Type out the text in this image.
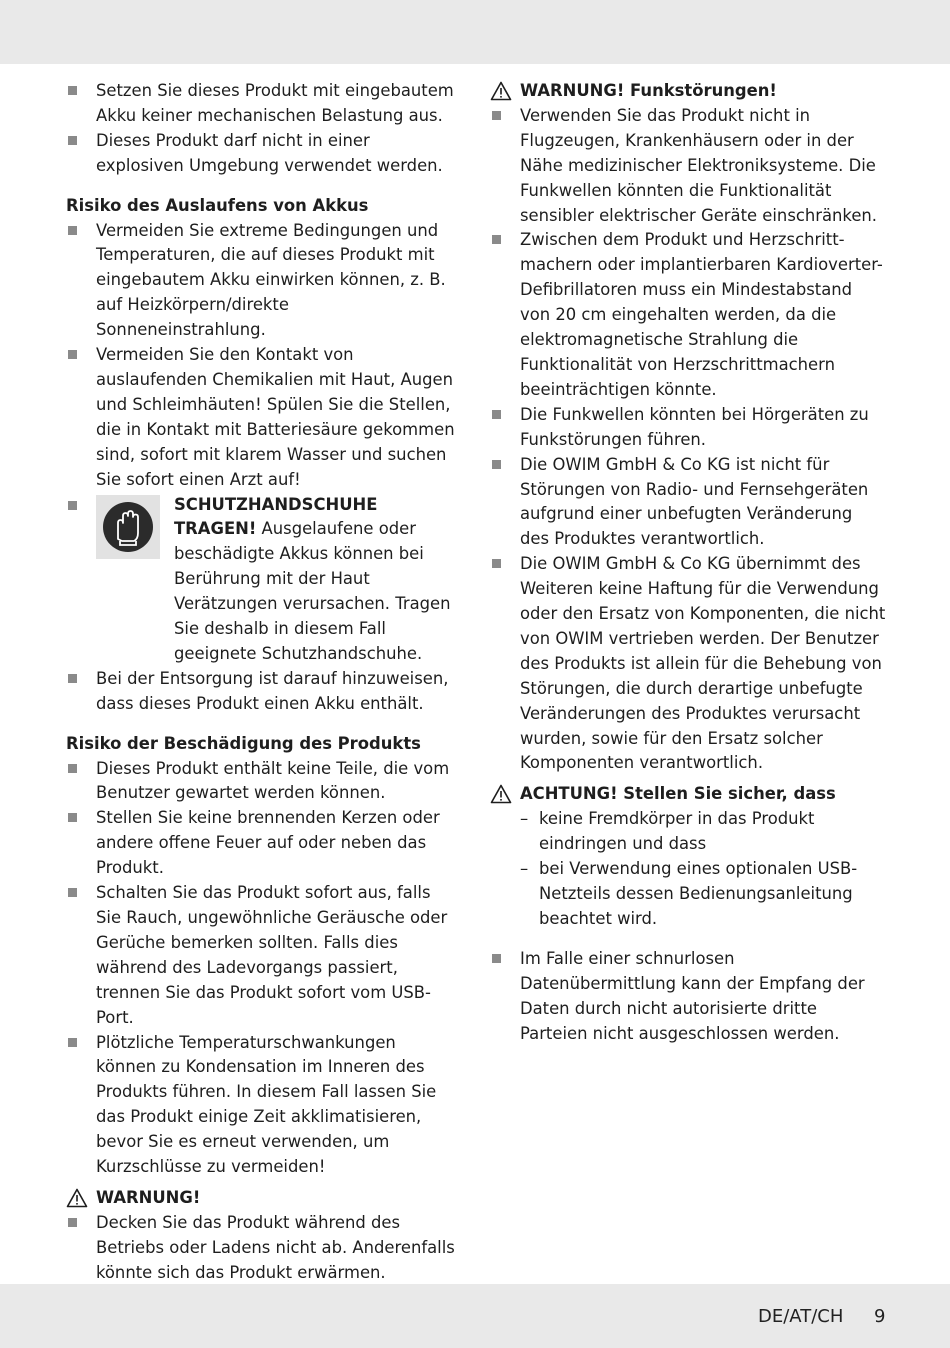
Setzen Sie dieses Produkt mit eingebautem Akku keiner mechanischen Belastung aus.
Dieses Produkt darf nicht in einer explosiven Umgebung verwendet werden.
Risiko des Auslaufens von Akkus
Vermeiden Sie extreme Bedingungen und Temperaturen, die auf dieses Produkt mit eingebautem Akku einwirken können, z. B. auf Heizkörpern/direkte Sonneneinstrahlung.
Vermeiden Sie den Kontakt von auslaufenden Chemikalien mit Haut, Augen und Schleimhäuten! Spülen Sie die Stellen, die in Kontakt mit Batteriesäure gekommen sind, sofort mit klarem Wasser und suchen Sie sofort einen Arzt auf!
SCHUTZHANDSCHUHE TRAGEN! Ausgelaufene oder beschädigte Akkus können bei Berührung mit der Haut Verätzungen verursachen. Tragen Sie deshalb in diesem Fall geeignete Schutzhandschuhe.
Bei der Entsorgung ist darauf hinzuweisen, dass dieses Produkt einen Akku enthält.
Risiko der Beschädigung des Produkts
Dieses Produkt enthält keine Teile, die vom Benutzer gewartet werden können.
Stellen Sie keine brennenden Kerzen oder andere offene Feuer auf oder neben das Produkt.
Schalten Sie das Produkt sofort aus, falls Sie Rauch, ungewöhnliche Geräusche oder Gerüche bemerken sollten. Falls dies während des Ladevorgangs passiert, trennen Sie das Produkt sofort vom USB-Port.
Plötzliche Temperaturschwankungen können zu Kondensation im Inneren des Produkts führen. In diesem Fall lassen Sie das Produkt einige Zeit akklimatisieren, bevor Sie es erneut verwenden, um Kurzschlüsse zu vermeiden!
WARNUNG!
Decken Sie das Produkt während des Betriebs oder Ladens nicht ab. Anderenfalls könnte sich das Produkt erwärmen.
WARNUNG! Funkstörungen!
Verwenden Sie das Produkt nicht in Flugzeugen, Krankenhäusern oder in der Nähe medizinischer Elektroniksysteme. Die Funkwellen könnten die Funktionalität sensibler elektrischer Geräte einschränken.
Zwischen dem Produkt und Herzschrittmachern oder implantierbaren Kardioverter-Defibrillatoren muss ein Mindestabstand von 20 cm eingehalten werden, da die elektromagnetische Strahlung die Funktionalität von Herzschrittmachern beeinträchtigen könnte.
Die Funkwellen könnten bei Hörgeräten zu Funkstörungen führen.
Die OWIM GmbH & Co KG ist nicht für Störungen von Radio- und Fernsehgeräten aufgrund einer unbefugten Veränderung des Produktes verantwortlich.
Die OWIM GmbH & Co KG übernimmt des Weiteren keine Haftung für die Verwendung oder den Ersatz von Komponenten, die nicht von OWIM vertrieben werden. Der Benutzer des Produkts ist allein für die Behebung von Störungen, die durch derartige unbefugte Veränderungen des Produktes verursacht wurden, sowie für den Ersatz solcher Komponenten verantwortlich.
ACHTUNG! Stellen Sie sicher, dass
– keine Fremdkörper in das Produkt eindringen und dass
– bei Verwendung eines optionalen USB-Netzteils dessen Bedienungsanleitung beachtet wird.
Im Falle einer schnurlosen Datenübermittlung kann der Empfang der Daten durch nicht autorisierte dritte Parteien nicht ausgeschlossen werden.
DE/AT/CH 9
